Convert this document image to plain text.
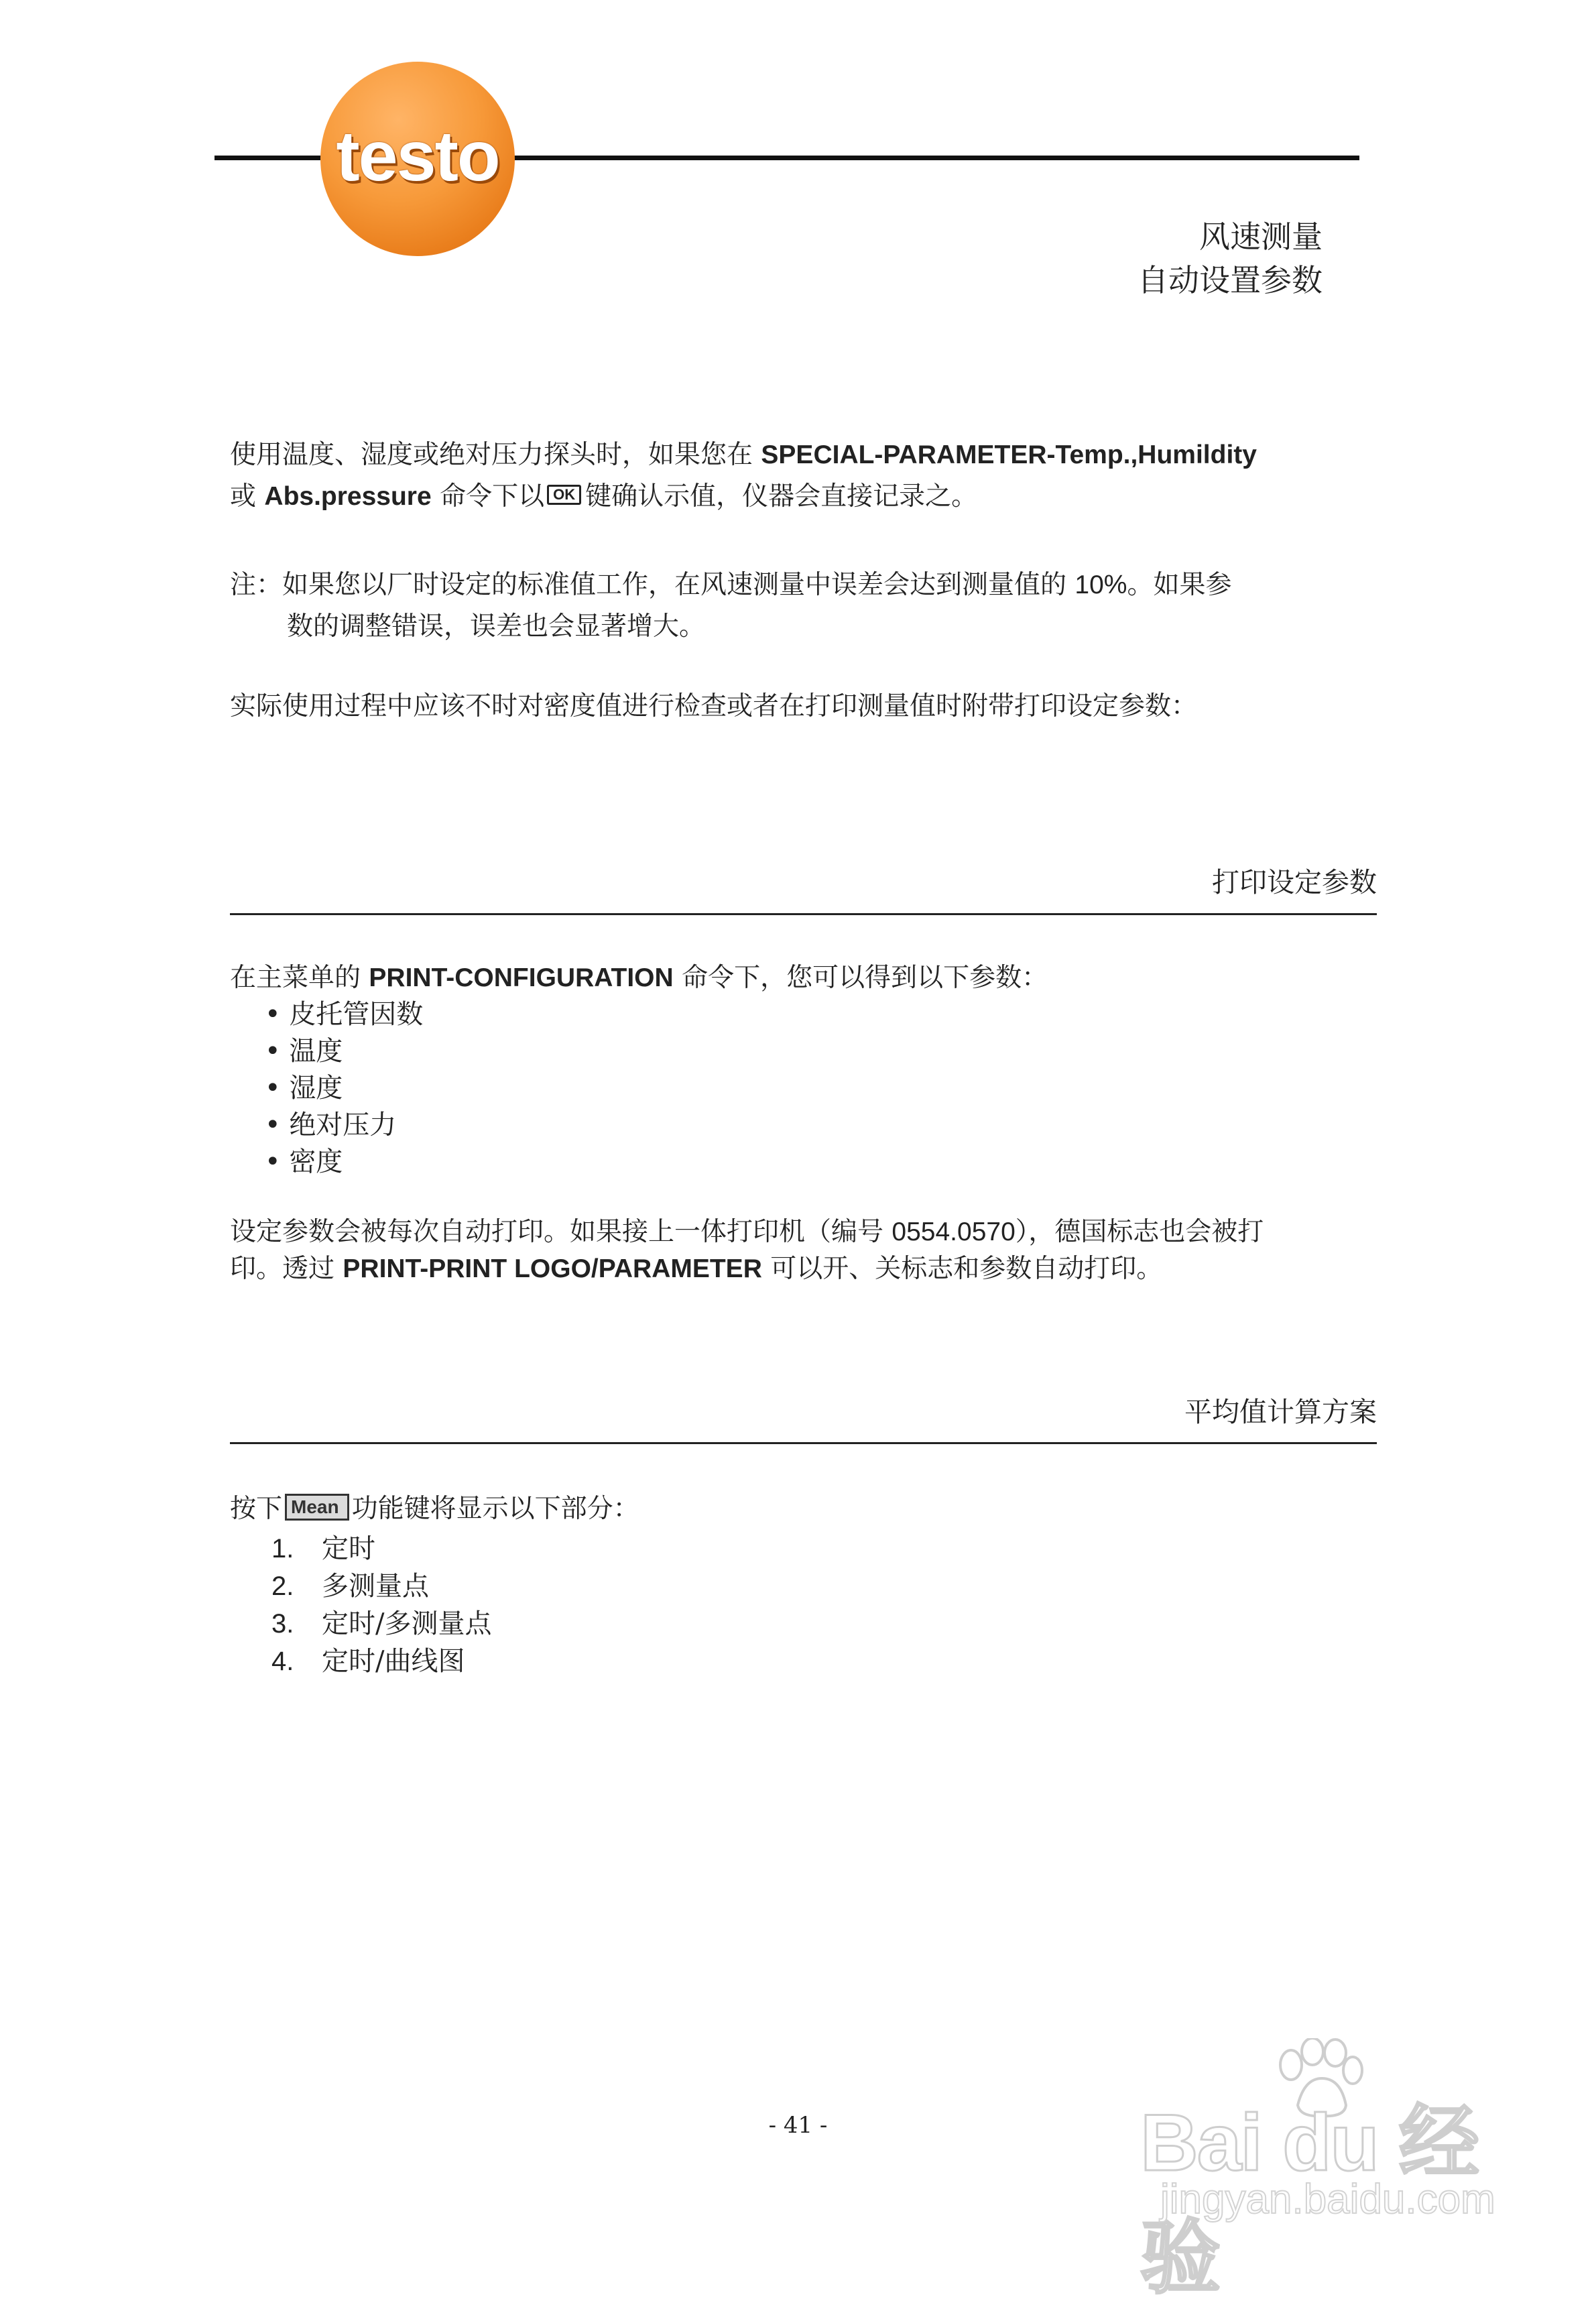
testo
风速测量
自动设置参数
使用温度、湿度或绝对压力探头时，如果您在 SPECIAL-PARAMETER-Temp.,Humildity
或 Abs.pressure 命令下以 OK 键确认示值，仪器会直接记录之。
注：如果您以厂时设定的标准值工作，在风速测量中误差会达到测量值的 10%。如果参
数的调整错误，误差也会显著增大。
实际使用过程中应该不时对密度值进行检查或者在打印测量值时附带打印设定参数：
打印设定参数
在主菜单的 PRINT-CONFIGURATION 命令下，您可以得到以下参数：
• 皮托管因数
• 温度
• 湿度
• 绝对压力
• 密度
设定参数会被每次自动打印。如果接上一体打印机（编号 0554.0570），德国标志也会被打
印。透过 PRINT-PRINT LOGO/PARAMETER 可以开、关标志和参数自动打印。
平均值计算方案
按下 Mean 功能键将显示以下部分：
1. 定时
2. 多测量点
3. 定时/多测量点
4. 定时/曲线图
- 41 -	Bai du 经验
jingyan.baidu.com
